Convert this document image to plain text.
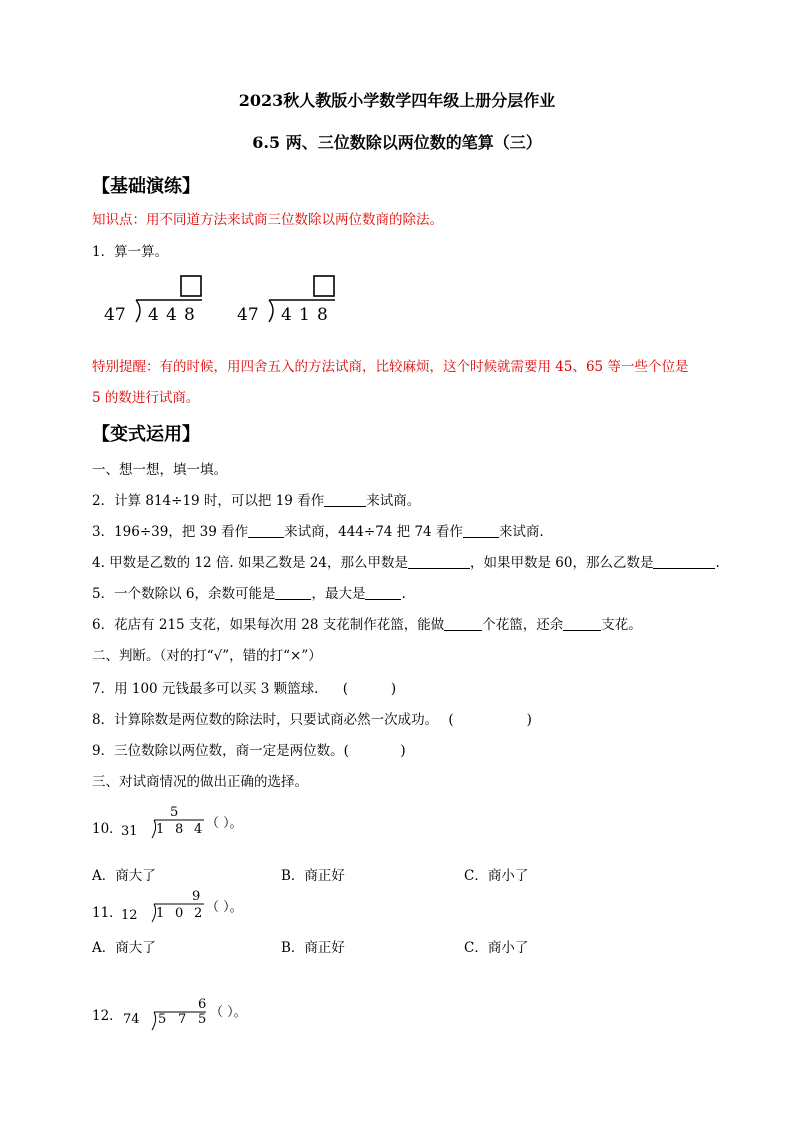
2023秋人教版小学数学四年级上册分层作业
6.5 两、三位数除以两位数的笔算（三）
【基础演练】
知识点：用不同道方法来试商三位数除以两位数商的除法。
1．算一算。
47 4 4 8 47 4 1 8
特别提醒：有的时候，用四舍五入的方法试商，比较麻烦，这个时候就需要用 45、65 等一些个位是
5 的数进行试商。
【变式运用】
一、想一想，填一填。
2．计算 814÷19 时，可以把 19 看作	来试商。
3．196÷39，把 39 看作	来试商，444÷74 把 74 看作	来试商.
4. 甲数是乙数的 12 倍. 如果乙数是 24，那么甲数是	，如果甲数是 60，那么乙数是	.
5．一个数除以 6，余数可能是	，最大是	.
6．花店有 215 支花，如果每次用 28 支花制作花篮，能做	个花篮，还余	支花。
二、判断。（对的打“√”，错的打“×”）
7．用 100 元钱最多可以买 3 颗篮球. (          )
8．计算除数是两位数的除法时，只要试商必然一次成功。 (                 )
9．三位数除以两位数，商一定是两位数。(            )
三、对试商情况的做出正确的选择。
10．
5
31 1 8 4 （ ）。
A．商大了	B．商正好	C．商小了
11．
9
12 1 0 2 （ ）。
A．商大了	B．商正好	C．商小了
12．
6
74 5 7 5 （ ）。
